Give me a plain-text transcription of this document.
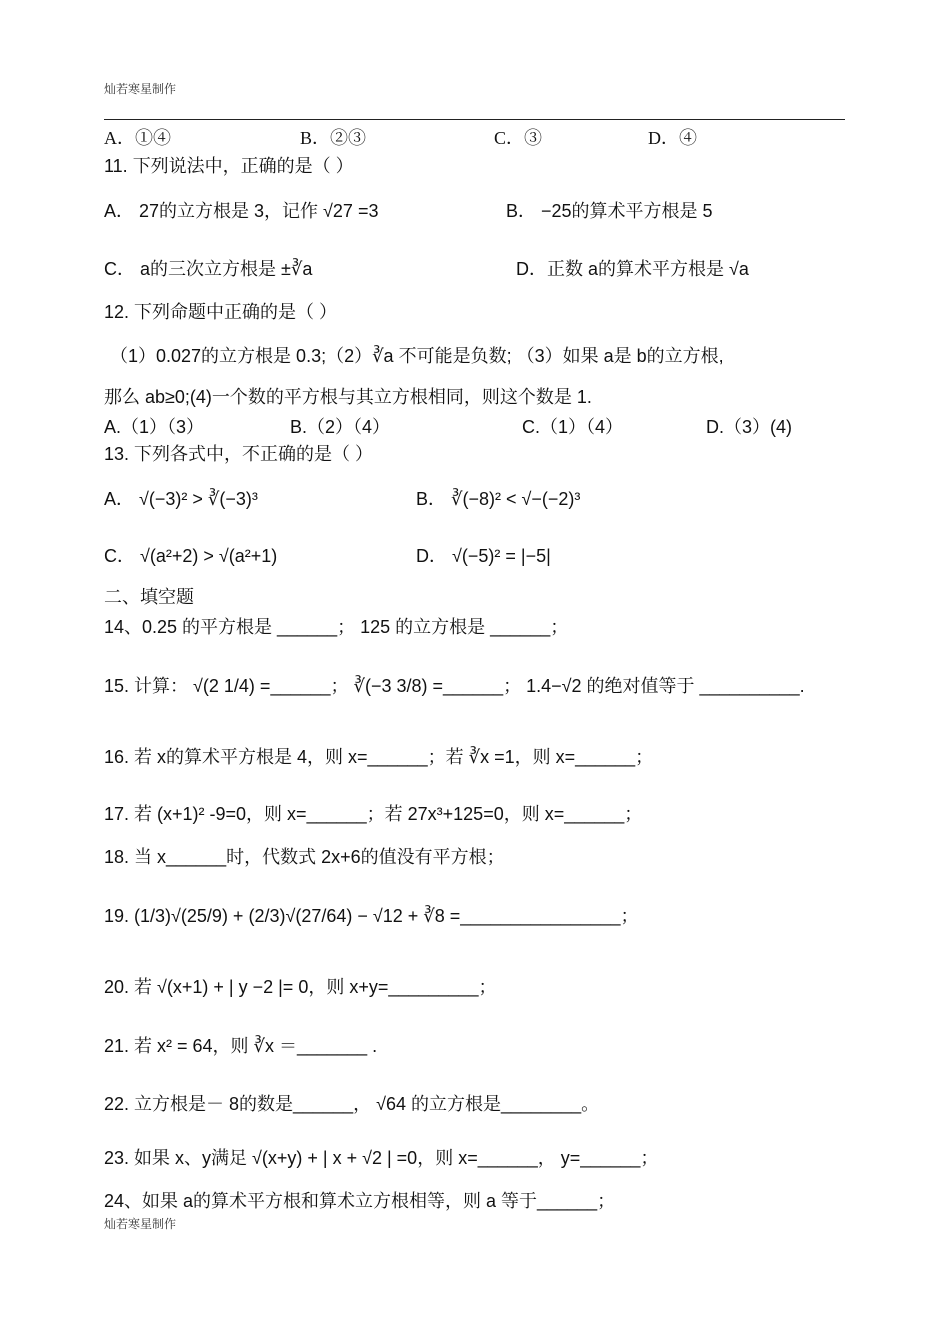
灿若寒星制作
A．①④	B．②③	C．③	D．④
11. 下列说法中，正确的是（ ）
A． 27的立方根是 3，记作 √27 =3	B． −25的算术平方根是 5
C． a的三次立方根是 ±∛a	D．正数 a的算术平方根是 √a
12. 下列命题中正确的是（ ）
（1）0.027的立方根是 0.3;（2）∛a 不可能是负数; （3）如果 a是 b的立方根,
那么 ab≥0;(4)一个数的平方根与其立方根相同，则这个数是 1.
A.（1）（3）	B.（2）（4）	C.（1）（4）	D.（3）(4)
13. 下列各式中，不正确的是（ ）
A． √(−3)² > ∛(−3)³	B． ∛(−8)² < √−(−2)³
C． √(a²+2) > √(a²+1)	D． √(−5)² = |−5|
二、填空题
14、0.25 的平方根是 ______； 125 的立方根是 ______；
15. 计算： √(2 1/4) =______； ∛(−3 3/8) =______； 1.4−√2 的绝对值等于 __________.
16. 若 x的算术平方根是 4，则 x=______；若 ∛x =1，则 x=______；
17. 若 (x+1)² -9=0，则 x=______；若 27x³+125=0，则 x=______；
18. 当 x______时，代数式 2x+6的值没有平方根；
19. (1/3)√(25/9) + (2/3)√(27/64) − √12 + ∛8 =________________；
20. 若 √(x+1) + | y −2 |= 0，则 x+y=_________；
21. 若 x² = 64，则 ∛x ＝_______ .
22. 立方根是－ 8的数是______， √64 的立方根是________。
23. 如果 x、y满足 √(x+y) + | x + √2 | =0，则 x=______， y=______；
24、如果 a的算术平方根和算术立方根相等，则 a 等于______；
灿若寒星制作
